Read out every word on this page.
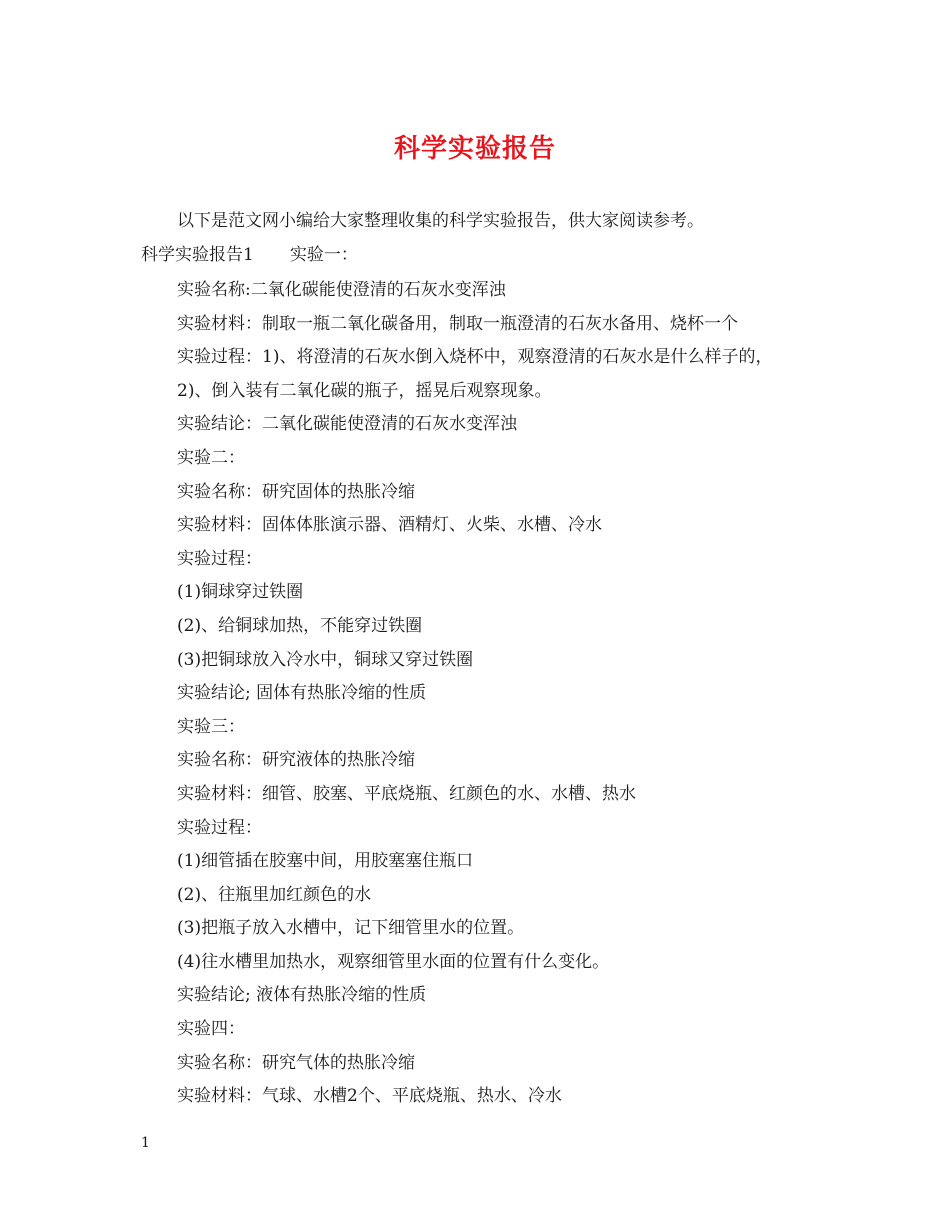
科学实验报告
以下是范文网小编给大家整理收集的科学实验报告，供大家阅读参考。
科学实验报告1 实验一：
实验名称:二氧化碳能使澄清的石灰水变浑浊
实验材料：制取一瓶二氧化碳备用，制取一瓶澄清的石灰水备用、烧杯一个
实验过程：1)、将澄清的石灰水倒入烧杯中，观察澄清的石灰水是什么样子的，
2)、倒入装有二氧化碳的瓶子，摇晃后观察现象。
实验结论：二氧化碳能使澄清的石灰水变浑浊
实验二：
实验名称：研究固体的热胀冷缩
实验材料：固体体胀演示器、酒精灯、火柴、水槽、冷水
实验过程：
(1)铜球穿过铁圈
(2)、给铜球加热，不能穿过铁圈
(3)把铜球放入冷水中，铜球又穿过铁圈
实验结论; 固体有热胀冷缩的性质
实验三：
实验名称：研究液体的热胀冷缩
实验材料：细管、胶塞、平底烧瓶、红颜色的水、水槽、热水
实验过程：
(1)细管插在胶塞中间，用胶塞塞住瓶口
(2)、往瓶里加红颜色的水
(3)把瓶子放入水槽中，记下细管里水的位置。
(4)往水槽里加热水，观察细管里水面的位置有什么变化。
实验结论; 液体有热胀冷缩的性质
实验四：
实验名称：研究气体的热胀冷缩
实验材料：气球、水槽2个、平底烧瓶、热水、冷水
1
